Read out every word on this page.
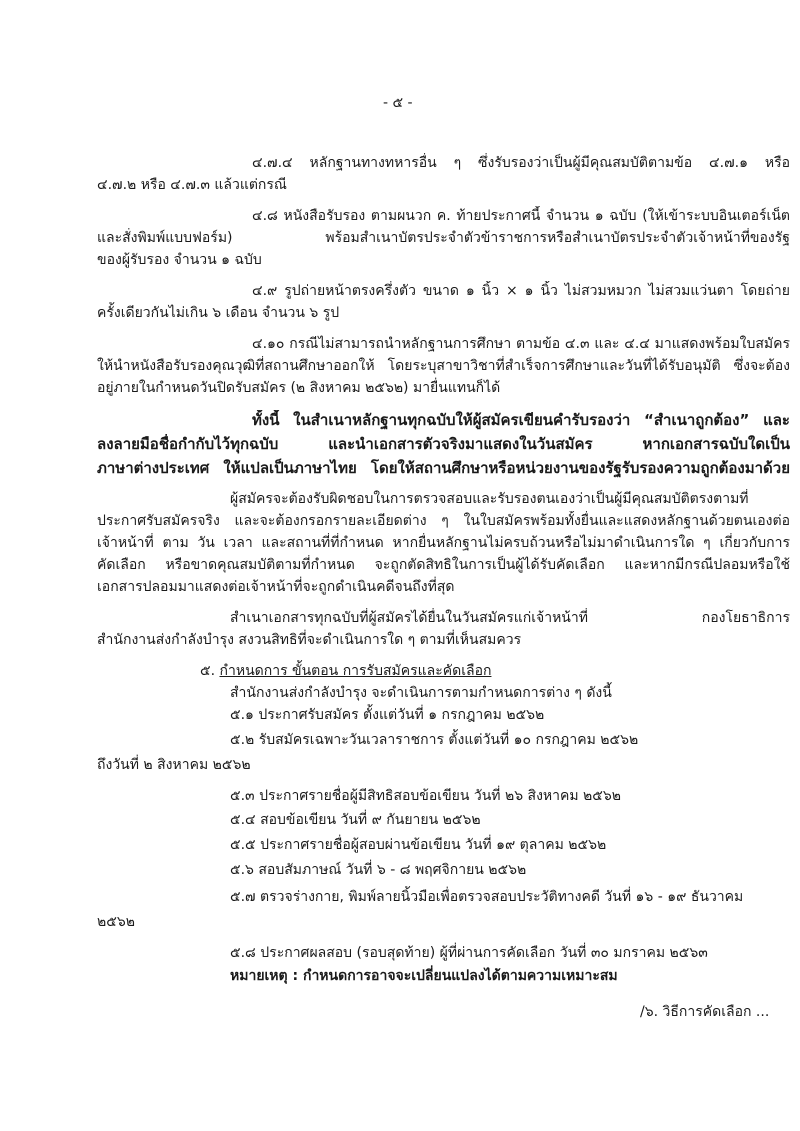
- ๕ -
๔.๗.๔ หลักฐานทางทหารอื่น ๆ ซึ่งรับรองว่าเป็นผู้มีคุณสมบัติตามข้อ ๔.๗.๑ หรือ
๔.๗.๒ หรือ ๔.๗.๓ แล้วแต่กรณี
๔.๘ หนังสือรับรอง ตามผนวก ค. ท้ายประกาศนี้ จำนวน ๑ ฉบับ (ให้เข้าระบบอินเตอร์เน็ต
และสั่งพิมพ์แบบฟอร์ม) พร้อมสำเนาบัตรประจำตัวข้าราชการหรือสำเนาบัตรประจำตัวเจ้าหน้าที่ของรัฐ
ของผู้รับรอง จำนวน ๑ ฉบับ
๔.๙ รูปถ่ายหน้าตรงครึ่งตัว ขนาด ๑ นิ้ว × ๑ นิ้ว ไม่สวมหมวก ไม่สวมแว่นตา โดยถ่าย
ครั้งเดียวกันไม่เกิน ๖ เดือน จำนวน ๖ รูป
๔.๑๐ กรณีไม่สามารถนำหลักฐานการศึกษา ตามข้อ ๔.๓ และ ๔.๔ มาแสดงพร้อมใบสมัคร
ให้นำหนังสือรับรองคุณวุฒิที่สถานศึกษาออกให้ โดยระบุสาขาวิชาที่สำเร็จการศึกษาและวันที่ได้รับอนุมัติ ซึ่งจะต้อง
อยู่ภายในกำหนดวันปิดรับสมัคร (๒ สิงหาคม ๒๕๖๒) มายื่นแทนก็ได้
ทั้งนี้ ในสำเนาหลักฐานทุกฉบับให้ผู้สมัครเขียนคำรับรองว่า “สำเนาถูกต้อง” และ
ลงลายมือชื่อกำกับไว้ทุกฉบับ และนำเอกสารตัวจริงมาแสดงในวันสมัคร หากเอกสารฉบับใดเป็น
ภาษาต่างประเทศ ให้แปลเป็นภาษาไทย โดยให้สถานศึกษาหรือหน่วยงานของรัฐรับรองความถูกต้องมาด้วย
ผู้สมัครจะต้องรับผิดชอบในการตรวจสอบและรับรองตนเองว่าเป็นผู้มีคุณสมบัติตรงตามที่
ประกาศรับสมัครจริง และจะต้องกรอกรายละเอียดต่าง ๆ ในใบสมัครพร้อมทั้งยื่นและแสดงหลักฐานด้วยตนเองต่อ
เจ้าหน้าที่ ตาม วัน เวลา และสถานที่ที่กำหนด หากยื่นหลักฐานไม่ครบถ้วนหรือไม่มาดำเนินการใด ๆ เกี่ยวกับการ
คัดเลือก หรือขาดคุณสมบัติตามที่กำหนด จะถูกตัดสิทธิในการเป็นผู้ได้รับคัดเลือก และหากมีกรณีปลอมหรือใช้
เอกสารปลอมมาแสดงต่อเจ้าหน้าที่จะถูกดำเนินคดีจนถึงที่สุด
สำเนาเอกสารทุกฉบับที่ผู้สมัครได้ยื่นในวันสมัครแก่เจ้าหน้าที่ กองโยธาธิการ
สำนักงานส่งกำลังบำรุง สงวนสิทธิที่จะดำเนินการใด ๆ ตามที่เห็นสมควร
๕. กำหนดการ ขั้นตอน การรับสมัครและคัดเลือก
สำนักงานส่งกำลังบำรุง จะดำเนินการตามกำหนดการต่าง ๆ ดังนี้
๕.๑ ประกาศรับสมัคร ตั้งแต่วันที่ ๑ กรกฎาคม ๒๕๖๒
๕.๒ รับสมัครเฉพาะวันเวลาราชการ ตั้งแต่วันที่ ๑๐ กรกฎาคม ๒๕๖๒
ถึงวันที่ ๒ สิงหาคม ๒๕๖๒
๕.๓ ประกาศรายชื่อผู้มีสิทธิสอบข้อเขียน วันที่ ๒๖ สิงหาคม ๒๕๖๒
๕.๔ สอบข้อเขียน วันที่ ๙ กันยายน ๒๕๖๒
๕.๕ ประกาศรายชื่อผู้สอบผ่านข้อเขียน วันที่ ๑๙ ตุลาคม ๒๕๖๒
๕.๖ สอบสัมภาษณ์ วันที่ ๖ - ๘ พฤศจิกายน ๒๕๖๒
๕.๗ ตรวจร่างกาย, พิมพ์ลายนิ้วมือเพื่อตรวจสอบประวัติทางคดี วันที่ ๑๖ - ๑๙ ธันวาคม
๒๕๖๒
๕.๘ ประกาศผลสอบ (รอบสุดท้าย) ผู้ที่ผ่านการคัดเลือก วันที่ ๓๐ มกราคม ๒๕๖๓
หมายเหตุ : กำหนดการอาจจะเปลี่ยนแปลงได้ตามความเหมาะสม
/๖. วิธีการคัดเลือก ...
